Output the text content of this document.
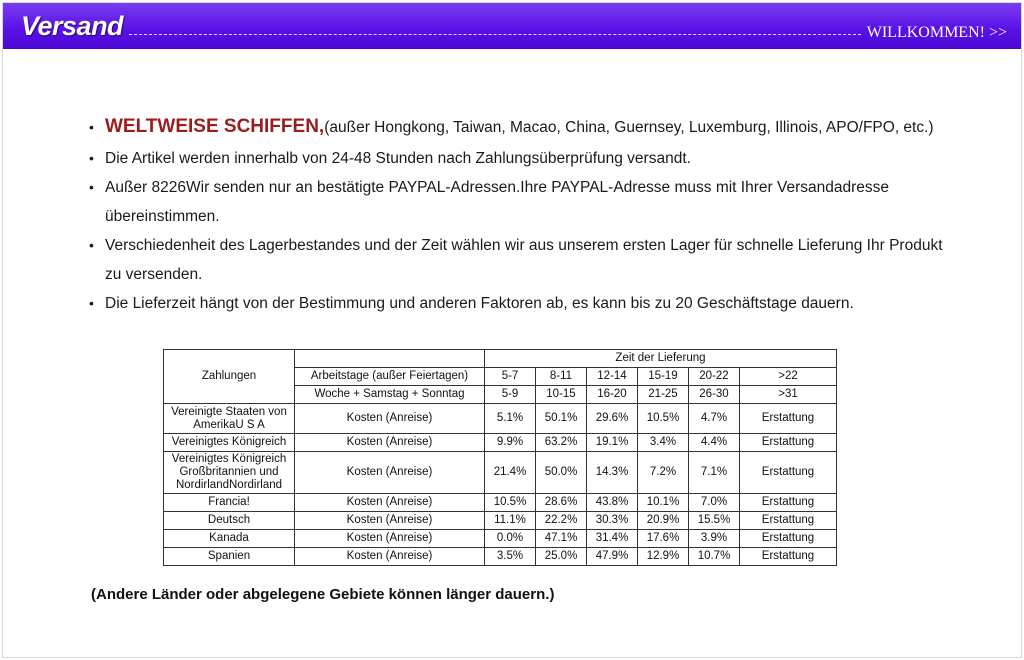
Versand	WILLKOMMEN! >>
• WELTWEISE SCHIFFEN,(außer Hongkong, Taiwan, Macao, China, Guernsey, Luxemburg, Illinois, APO/FPO, etc.)
• Die Artikel werden innerhalb von 24-48 Stunden nach Zahlungsüberprüfung versandt.
• Außer 8226Wir senden nur an bestätigte PAYPAL-Adressen.Ihre PAYPAL-Adresse muss mit Ihrer Versandadresse übereinstimmen.
• Verschiedenheit des Lagerbestandes und der Zeit wählen wir aus unserem ersten Lager für schnelle Lieferung Ihr Produkt zu versenden.
• Die Lieferzeit hängt von der Bestimmung und anderen Faktoren ab, es kann bis zu 20 Geschäftstage dauern.
Zahlungen		Zeit der Lieferung					
	Arbeitstage (außer Feiertagen)	5-7	8-11	12-14	15-19	20-22	>22
	Woche + Samstag + Sonntag	5-9	10-15	16-20	21-25	26-30	>31
Vereinigte Staaten von AmerikaU S A	Kosten (Anreise)	5.1%	50.1%	29.6%	10.5%	4.7%	Erstattung
Vereinigtes Königreich	Kosten (Anreise)	9.9%	63.2%	19.1%	3.4%	4.4%	Erstattung
Vereinigtes Königreich Großbritannien und NordirlandNordirland	Kosten (Anreise)	21.4%	50.0%	14.3%	7.2%	7.1%	Erstattung
Francia!	Kosten (Anreise)	10.5%	28.6%	43.8%	10.1%	7.0%	Erstattung
Deutsch	Kosten (Anreise)	11.1%	22.2%	30.3%	20.9%	15.5%	Erstattung
Kanada	Kosten (Anreise)	0.0%	47.1%	31.4%	17.6%	3.9%	Erstattung
Spanien	Kosten (Anreise)	3.5%	25.0%	47.9%	12.9%	10.7%	Erstattung
(Andere Länder oder abgelegene Gebiete können länger dauern.)
